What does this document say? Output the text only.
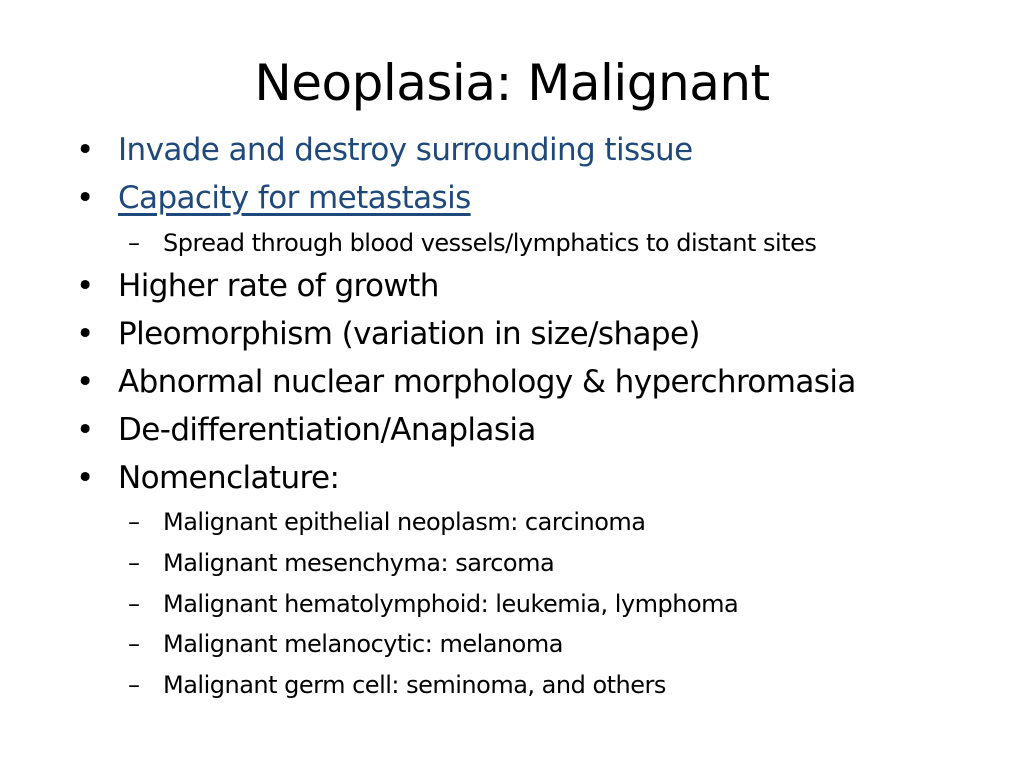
Neoplasia: Malignant
• Invade and destroy surrounding tissue
• Capacity for metastasis
– Spread through blood vessels/lymphatics to distant sites
• Higher rate of growth
• Pleomorphism (variation in size/shape)
• Abnormal nuclear morphology & hyperchromasia
• De-differentiation/Anaplasia
• Nomenclature:
– Malignant epithelial neoplasm: carcinoma
– Malignant mesenchyma: sarcoma
– Malignant hematolymphoid: leukemia, lymphoma
– Malignant melanocytic: melanoma
– Malignant germ cell: seminoma, and others
